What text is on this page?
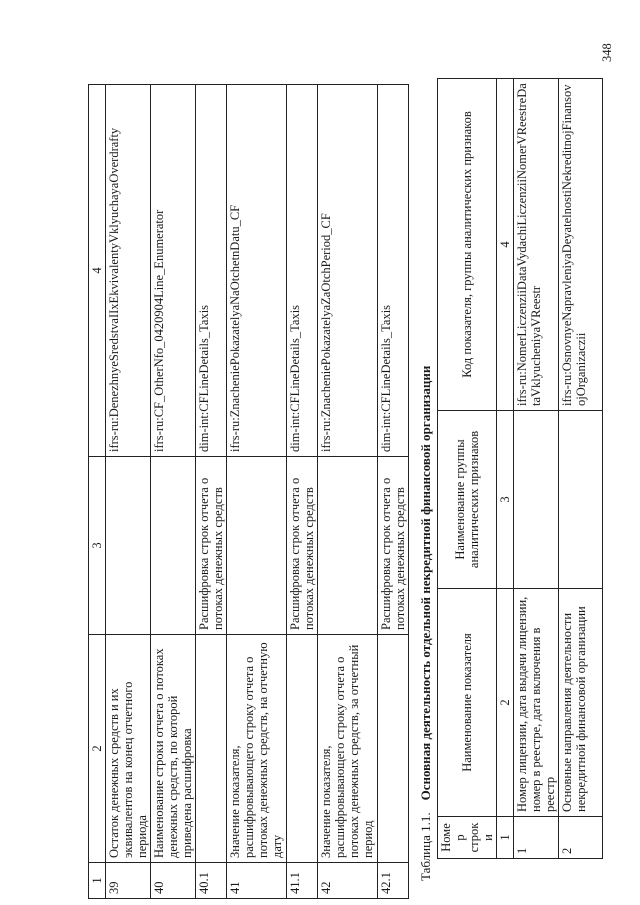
1	2	3	4
39	Остаток денежных средств и их эквивалентов на конец отчетного периода		ifrs-ru:DenezhnyeSredstvaIIxEkvivalentyVklyuchayaOverdrafty
40	Наименование строки отчета о потоках денежных средств, по которой приведена расшифровка		ifrs-ru:CF_OtherNfo_0420904Line_Enumerator
40.1		Расшифровка строк отчета о потоках денежных средств	dim-int:CFLineDetails_Taxis
41	Значение показателя, расшифровывающего строку отчета о потоках денежных средств, на отчетную дату		ifrs-ru:ZnacheniePokazatelyaNaOtchetnDatu_CF
41.1		Расшифровка строк отчета о потоках денежных средств	dim-int:CFLineDetails_Taxis
42	Значение показателя, расшифровывающего строку отчета о потоках денежных средств, за отчетный период		ifrs-ru:ZnacheniePokazatelyaZaOtchPeriod_CF
42.1		Расшифровка строк отчета о потоках денежных средств	dim-int:CFLineDetails_Taxis
Таблица 1.1.Основная деятельность отдельной некредитной финансовой организации
Номер строки	Наименование показателя	Наименование группы аналитических признаков	Код показателя, группы аналитических признаков
1	2	3	4
1	Номер лицензии, дата выдачи лицензии, номер в реестре, дата включения в реестр		ifrs-ru:NomerLiczenziiDataVydachiLiczenziiNomerVReestreDataVklyucheniyaVReestr
2	Основные направления деятельности некредитной финансовой организации		ifrs-ru:OsnovnyeNapravleniyaDeyatelnostiNekreditnojFinansovojOrganizaczii
348
